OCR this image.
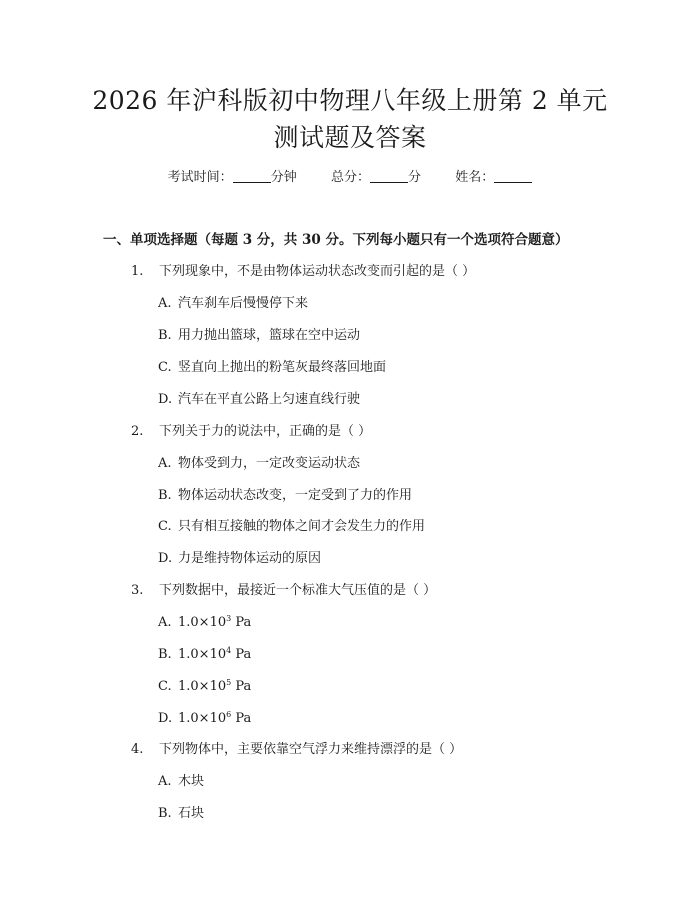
2026 年沪科版初中物理八年级上册第 2 单元
测试题及答案
考试时间：	分钟	总分：	分	姓名：
一、单项选择题（每题 3 分，共 30 分。下列每小题只有一个选项符合题意）
1. 下列现象中，不是由物体运动状态改变而引起的是（ ）
A. 汽车刹车后慢慢停下来
B. 用力抛出篮球，篮球在空中运动
C. 竖直向上抛出的粉笔灰最终落回地面
D. 汽车在平直公路上匀速直线行驶
2. 下列关于力的说法中，正确的是（ ）
A. 物体受到力，一定改变运动状态
B. 物体运动状态改变，一定受到了力的作用
C. 只有相互接触的物体之间才会发生力的作用
D. 力是维持物体运动的原因
3. 下列数据中，最接近一个标准大气压值的是（ ）
A. $1.0\times 10^3$ Pa
B. $1.0\times 10^4$ Pa
C. $1.0\times 10^5$ Pa
D. $1.0\times 10^6$ Pa
4. 下列物体中，主要依靠空气浮力来维持漂浮的是（ ）
A. 木块
B. 石块
